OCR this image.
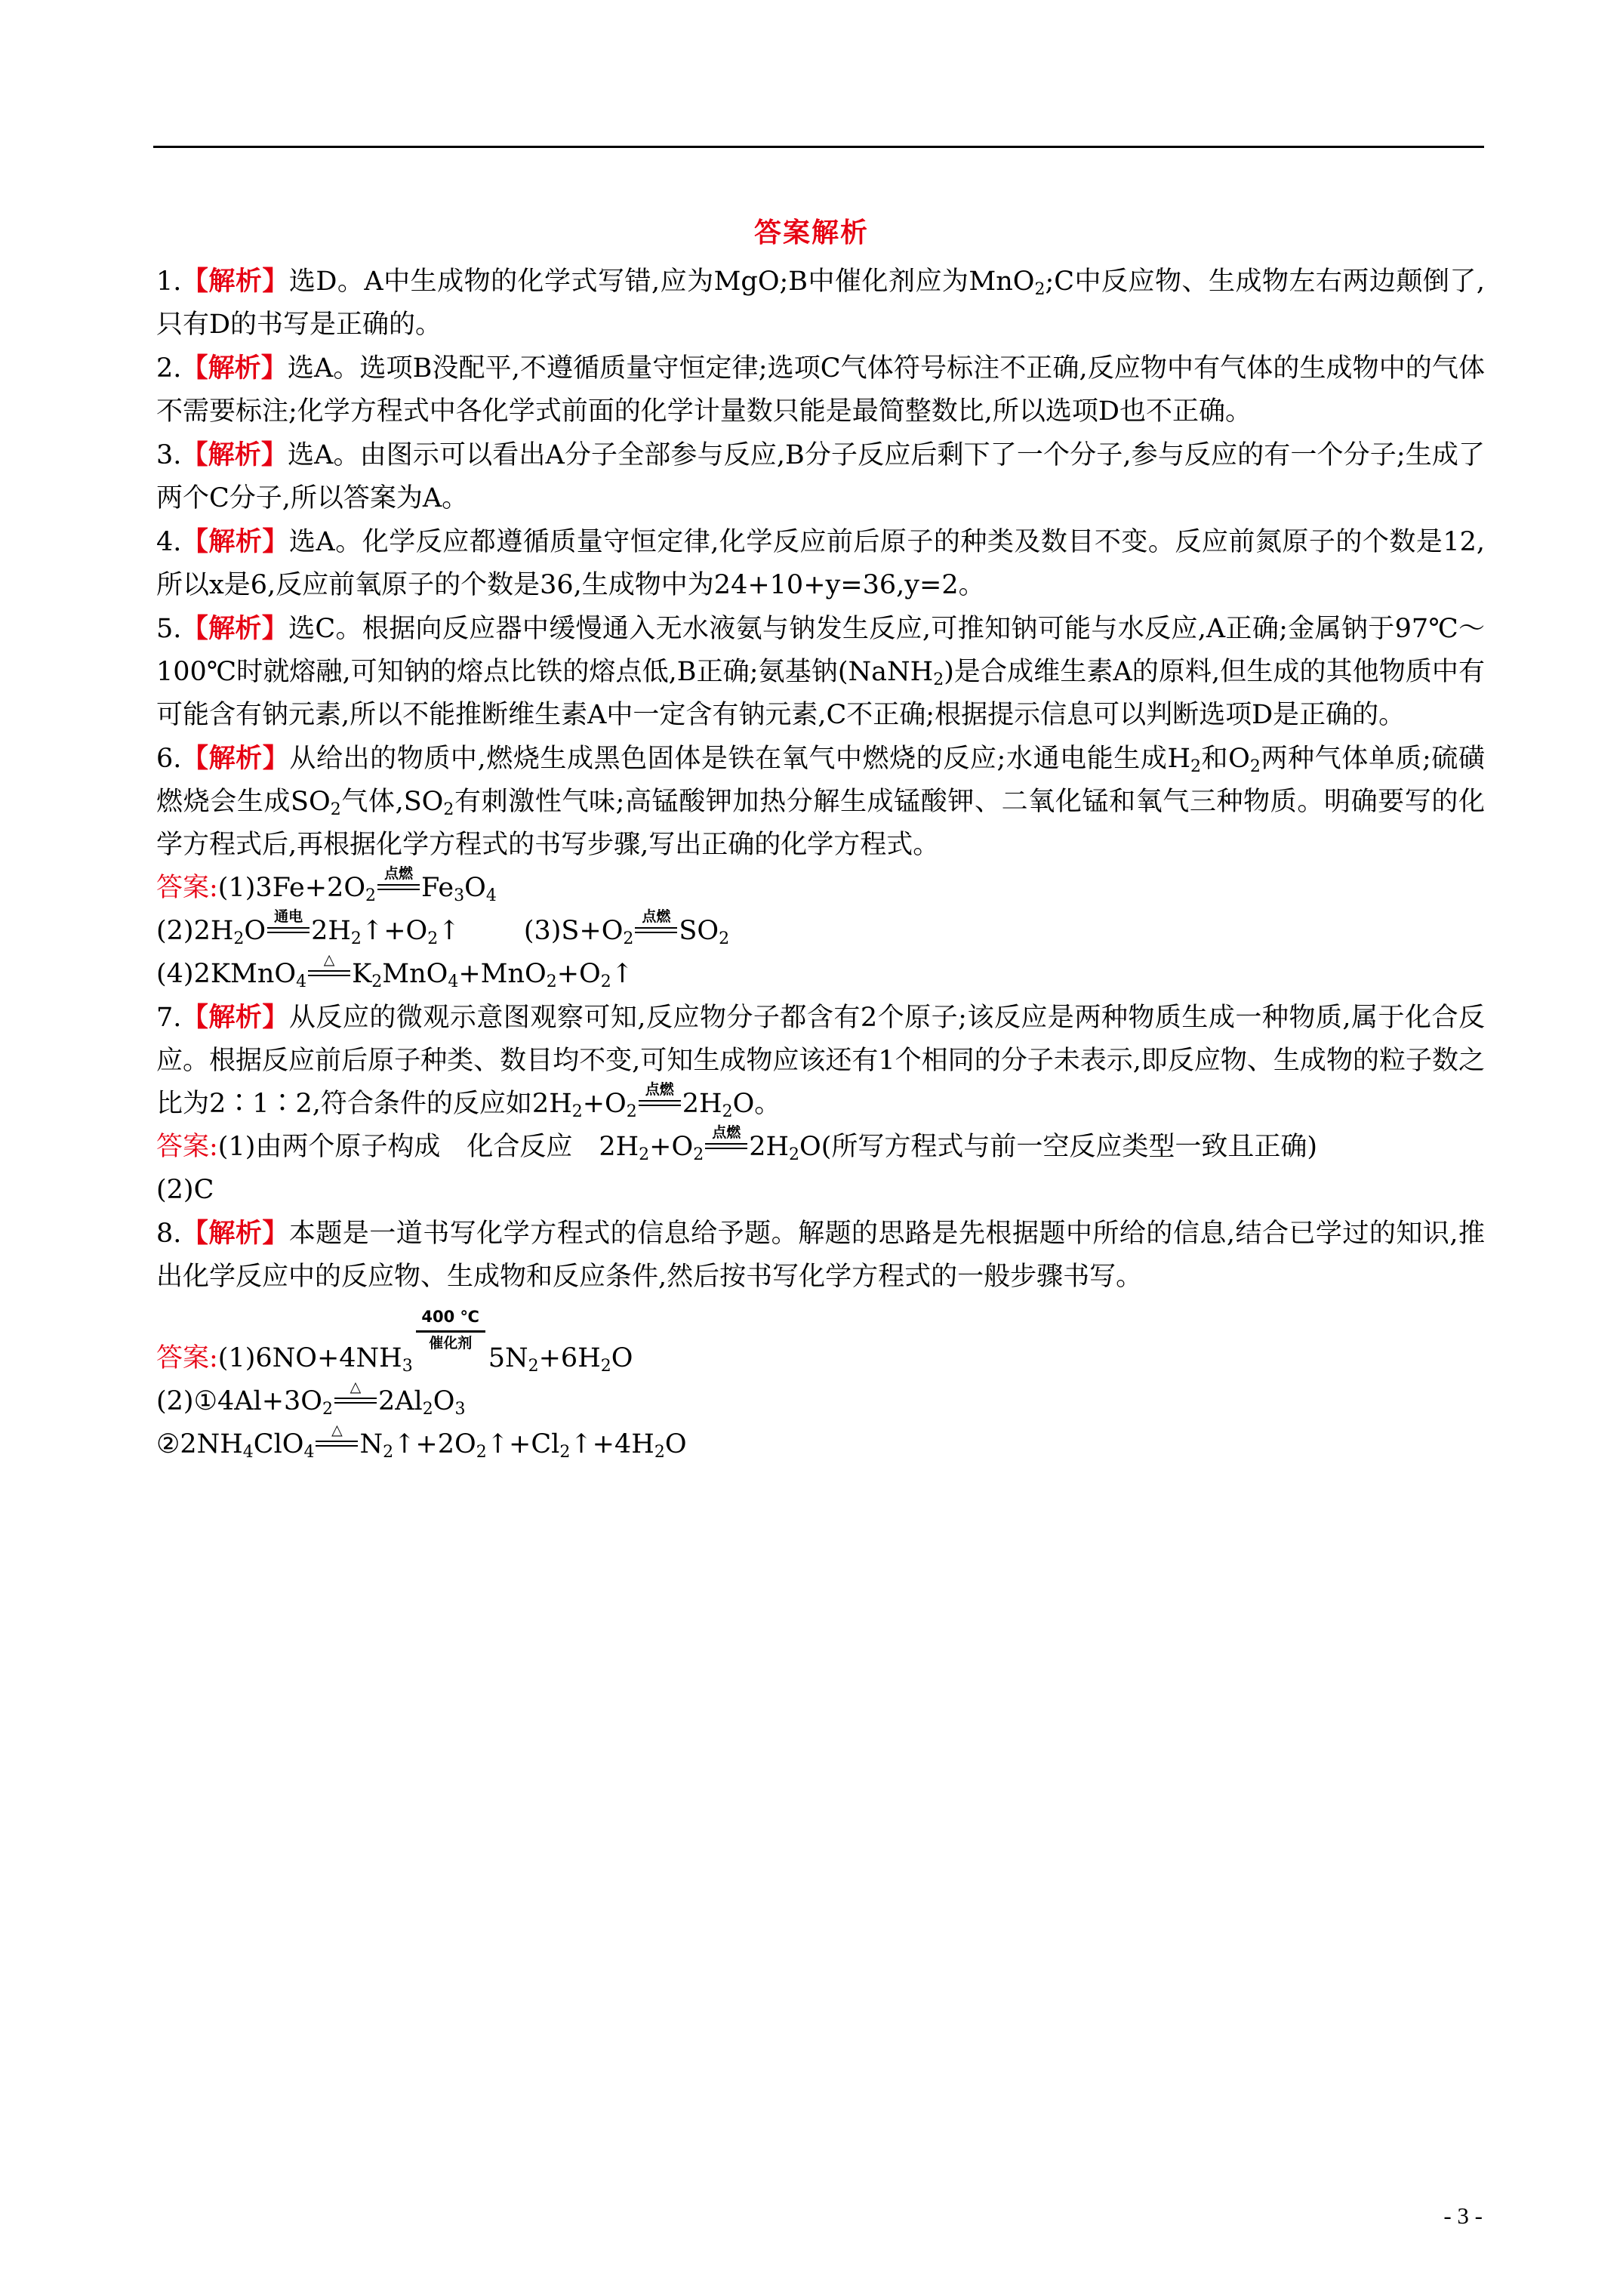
答案解析

1.【解析】选D。A中生成物的化学式写错,应为MgO;B中催化剂应为MnO$_2$;C中反应物、生成物左右两边颠倒了,只有D的书写是正确的。

2.【解析】选A。选项B没配平,不遵循质量守恒定律;选项C气体符号标注不正确,反应物中有气体的生成物中的气体不需要标注;化学方程式中各化学式前面的化学计量数只能是最简整数比,所以选项D也不正确。

3.【解析】选A。由图示可以看出A分子全部参与反应,B分子反应后剩下了一个分子,参与反应的有一个分子;生成了两个C分子,所以答案为A。

4.【解析】选A。化学反应都遵循质量守恒定律,化学反应前后原子的种类及数目不变。反应前氮原子的个数是12,所以x是6,反应前氧原子的个数是36,生成物中为24+10+y=36,y=2。

5.【解析】选C。根据向反应器中缓慢通入无水液氨与钠发生反应,可推知钠可能与水反应,A正确;金属钠于97℃～100℃时就熔融,可知钠的熔点比铁的熔点低,B正确;氨基钠(NaNH$_2$)是合成维生素A的原料,但生成的其他物质中有可能含有钠元素,所以不能推断维生素A中一定含有钠元素,C不正确;根据提示信息可以判断选项D是正确的。

6.【解析】从给出的物质中,燃烧生成黑色固体是铁在氧气中燃烧的反应;水通电能生成$H_2$和$O_2$两种气体单质;硫磺燃烧会生成$SO_2$气体$,SO_2$有刺激性气味;高锰酸钾加热分解生成锰酸钾、二氧化锰和氧气三种物质。明确要写的化学方程式后,再根据化学方程式的书写步骤,写出正确的化学方程式。

答案$:(1)3Fe+2O_2$
点燃 $Fe_3O_4$

$(2)2H_2O$ 通电 $2H_2↑+O_2↑$ $(3)S+O_2$
点燃 $SO_2$

(4)2KMnO$_4$
△ $K_2MnO_4+MnO_2+O_2↑$

7.【解析】从反应的微观示意图观察可知,反应物分子都含有2个原子;该反应是两种物质生成一种物质,属于化合反应。根据反应前后原子种类、数目均不变,可知生成物应该还有1个相同的分子未表示,即反应物、生成物的粒子数之比为2∶1∶2,符合条件的反应如$2H_2+O_2$
点燃 $2H_2O$。

答案:(1)由两个原子构成　化合反应　$2H_2+O_2$
点燃 $2H_2O$(所写方程式与前一空反应类型一致且正确)

(2)C

8.【解析】本题是一道书写化学方程式的信息给予题。解题的思路是先根据题中所给的信息,结合已学过的知识,推出化学反应中的反应物、生成物和反应条件,然后按书写化学方程式的一般步骤书写。

答案$:(1)6NO+4NH_3$
400 ℃
催化剂 $5N_2+6H_2O$

$(2)①4Al+3O_2$
△ $2Al_2O_3$

$②2NH_4ClO_4$
△ $N_2↑+2O_2↑+Cl_2↑+4H_2O$

- 3 -
